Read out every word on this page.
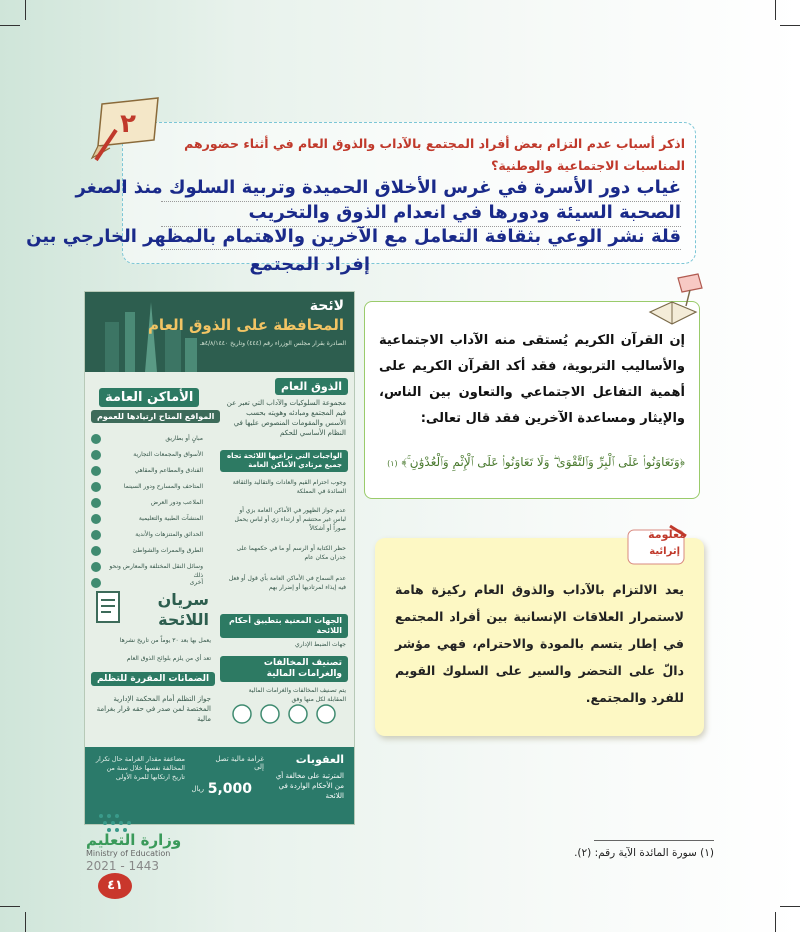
اذكر أسباب عدم التزام بعض أفراد المجتمع بالآداب والذوق العام في أثناء حضورهم المناسبات الاجتماعية والوطنية؟
غياب دور الأسرة في غرس الأخلاق الحميدة وتربية السلوك منذ الصغر
الصحبة السيئة ودورها في انعدام الذوق والتخريب
قلة نشر الوعي بثقافة التعامل مع الآخرين والاهتمام بالمظهر الخارجي بين
إفراد المجتمع
٢
لائحة
المحافظة على الذوق العام
الصادرة بقرار مجلس الوزراء رقم (٤٤٤) وتاريخ ٤/٨/١٤٤٠هـ
الذوق العام
مجموعة السلوكيات والآداب التي تعبر عن قيم المجتمع ومبادئه وهويته بحسب الأسس والمقومات المنصوص عليها في النظام الأساسي للحكم
الواجبات التي تراعيها اللائحة تجاه جميع مرتادي الأماكن العامة
وجوب احترام القيم والعادات والتقاليد والثقافة السائدة في المملكة
عدم جواز الظهور في الأماكن العامة بزي أو لباس غير محتشم أو ارتداء زي أو لباس يحمل صوراً أو أشكالاً
حظر الكتابة أو الرسم أو ما في حكمهما على جدران مكان عام
عدم السماح في الأماكن العامة بأي قول أو فعل فيه إيذاء لمرتاديها أو إضرار بهم
الجهات المعنية بتطبيق أحكام اللائحة
جهات الضبط الإداري
تصنيف المخالفات والغرامات المالية
يتم تصنيف المخالفات والغرامات المالية المقابلة لكل منها وفق
الأماكن العامة
المواقع المتاح ارتيادها للعموم
مبانٍ أو بطاريق
الأسواق والمجمعات التجارية
الفنادق والمطاعم والمقاهي
المتاحف والمسارح ودور السينما
الملاعب ودور العرض
المنشآت الطبية والتعليمية
الحدائق والمتنزهات والأندية
الطرق والممرات والشواطئ
وسائل النقل المختلفة والمعارض ونحو ذلك
أخرى
سريان اللائحة
يعمل بها بعد ٣٠ يوماً من تاريخ نشرها
تعد أي من يلزم بلوائح الذوق العام
الضمانات المقررة للتظلم
جواز التظلم أمام المحكمة الإدارية المختصة لمن صدر في حقه قرار بغرامة مالية
العقوبات
المترتبة على مخالفة أي من الأحكام الواردة في اللائحة
غرامة مالية تصل إلى
5,000
ريال
مضاعفة مقدار الغرامة حال تكرار المخالفة نفسها خلال سنة من تاريخ ارتكابها للمرة الأولى
إن القرآن الكريم يُستقى منه الآداب الاجتماعية والأساليب التربوية، فقد أكد القرآن الكريم على أهمية التفاعل الاجتماعي والتعاون بين الناس، والإيثار ومساعدة الآخرين فقد قال تعالى:
﴿وَتَعَاوَنُوا۟ عَلَى ٱلْبِرِّ وَٱلتَّقْوَىٰ ۖ وَلَا تَعَاوَنُوا۟ عَلَى ٱلْإِثْمِ وَٱلْعُدْوَٰنِ ۚ﴾ (١)
يعد الالتزام بالآداب والذوق العام ركيزة هامة لاستمرار العلاقات الإنسانية بين أفراد المجتمع في إطار يتسم بالمودة والاحترام، فهي مؤشر دالّ على التحضر والسير على السلوك القويم للفرد والمجتمع.
معلومة
إثرائية
وزارة التعليم
Ministry of Education
2021 - 1443
٤١
(١) سورة المائدة الآية رقم: (٢).
